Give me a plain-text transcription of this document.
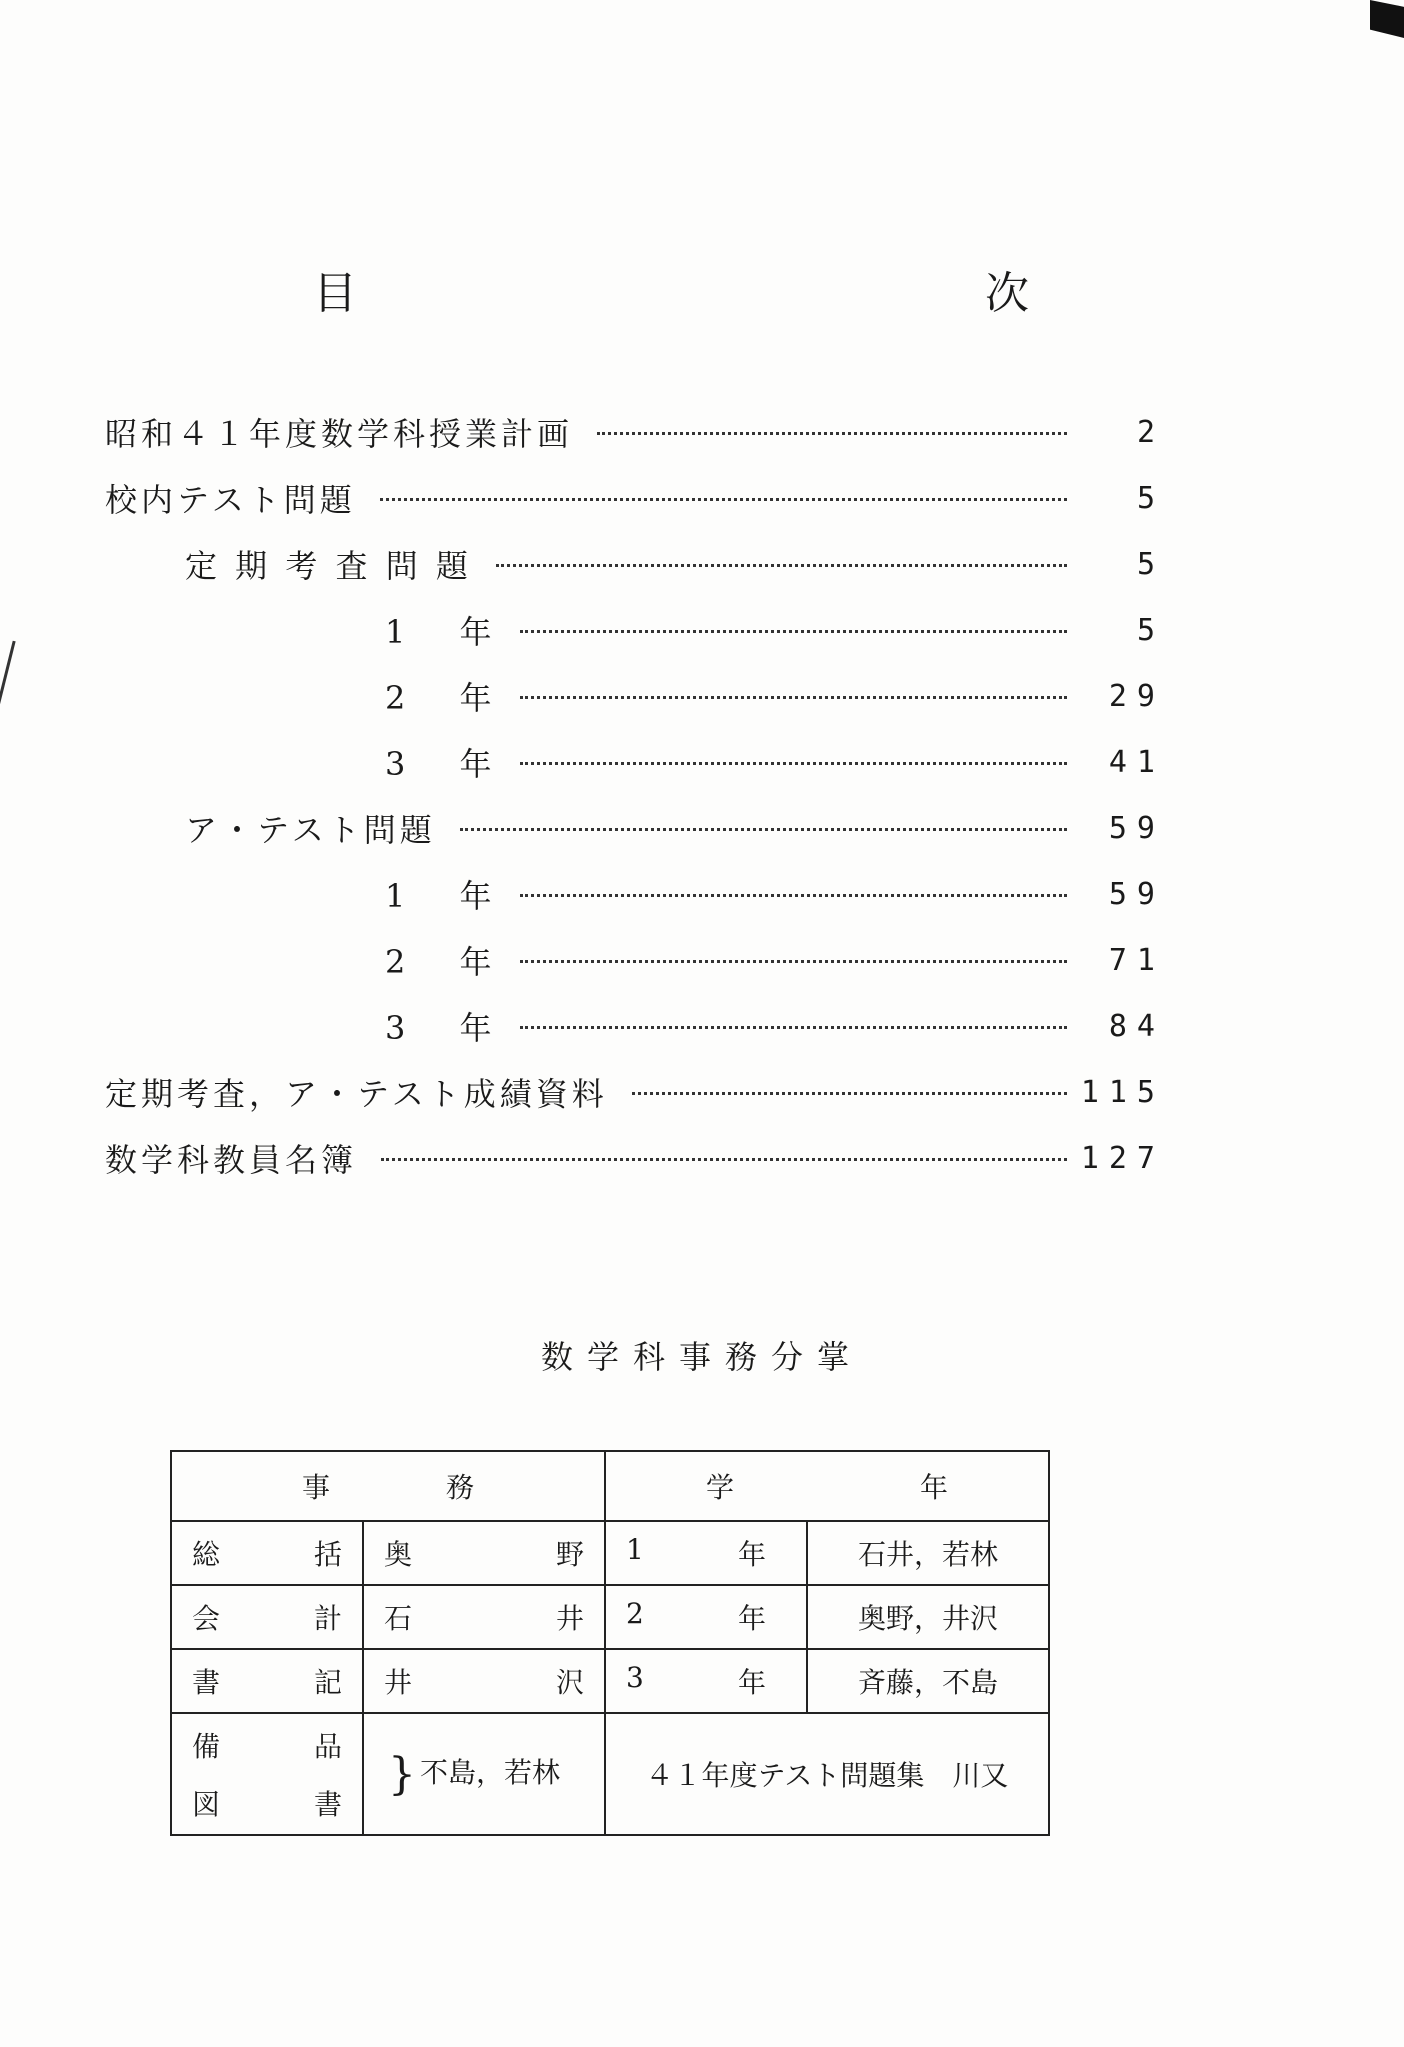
目　　次
昭和４１年度数学科授業計画	2
校内テスト問題	5
定 期 考 査 問 題	5
1　 年	5
2　 年	29
3　 年	41
ア・テスト問題	59
1　 年	59
2　 年	71
3　 年	84
定期考査，ア・テスト成績資料	115
数学科教員名簿	127
数学科事務分掌
事 務		学 年	

総 括	奥 野	1 年	石井，若林

会 計	石 井	2 年	奥野，井沢

書 記	井 沢	3 年	斉藤，不島

備 品
図 書	} 不島，若林	４１年度テスト問題集　川又	
